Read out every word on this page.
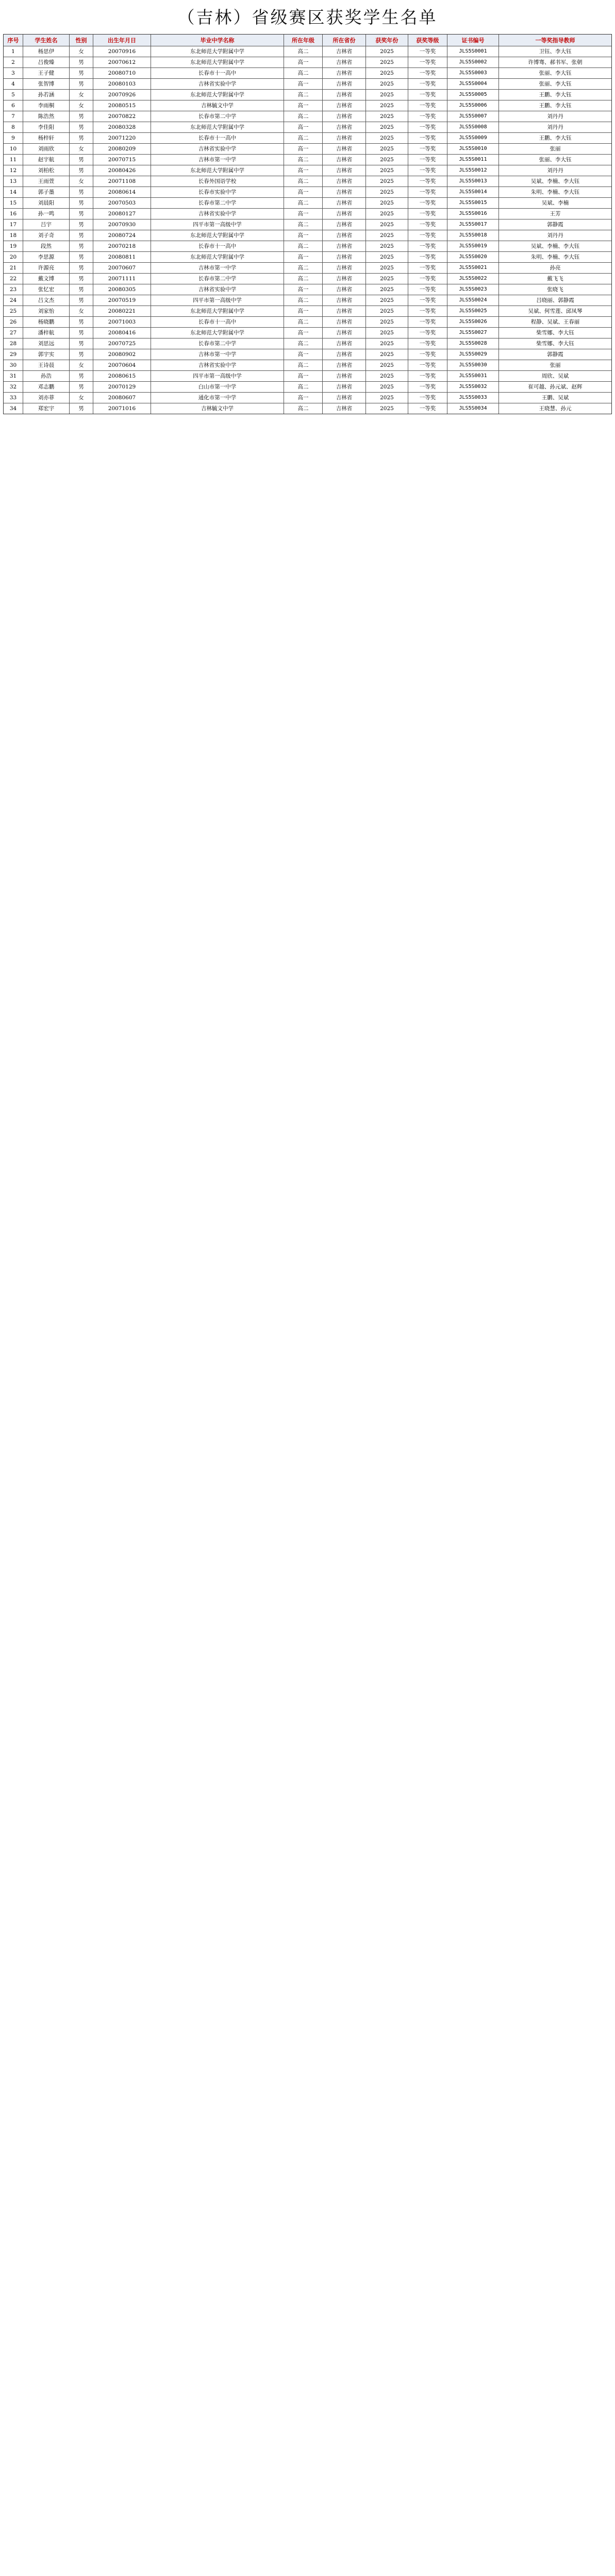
（吉林）省级赛区获奖学生名单
序号	学生姓名	性别	出生年月日	毕业中学名称	所在年级	所在省份	获奖年份	获奖等级	证书编号	一等奖指导教师
1	杨思伊	女	20070916	东北师范大学附属中学	高二	吉林省	2025	一等奖	JLS5S0001	卫钰、李大钰
2	吕俊臻	男	20070612	东北师范大学附属中学	高一	吉林省	2025	一等奖	JLS5S0002	许博骞、郝书军、张朝
3	王子健	男	20080710	长春市十一高中	高二	吉林省	2025	一等奖	JLS5S0003	张丽、李大钰
4	张智博	男	20080103	吉林省实验中学	高一	吉林省	2025	一等奖	JLS5S0004	张丽、李大钰
5	孙若涵	女	20070926	东北师范大学附属中学	高二	吉林省	2025	一等奖	JLS5S0005	王鹏、李大钰
6	李雨桐	女	20080515	吉林毓文中学	高一	吉林省	2025	一等奖	JLS5S0006	王鹏、李大钰
7	陈浩然	男	20070822	长春市第二中学	高二	吉林省	2025	一等奖	JLS5S0007	刘丹丹
8	李佳阳	男	20080328	东北师范大学附属中学	高一	吉林省	2025	一等奖	JLS5S0008	刘丹丹
9	杨梓轩	男	20071220	长春市十一高中	高二	吉林省	2025	一等奖	JLS5S0009	王鹏、李大钰
10	刘雨欣	女	20080209	吉林省实验中学	高一	吉林省	2025	一等奖	JLS5S0010	张丽
11	赵宇航	男	20070715	吉林市第一中学	高二	吉林省	2025	一等奖	JLS5S0011	张丽、李大钰
12	刘柏松	男	20080426	东北师范大学附属中学	高一	吉林省	2025	一等奖	JLS5S0012	刘丹丹
13	王雨萱	女	20071108	长春外国语学校	高二	吉林省	2025	一等奖	JLS5S0013	吴斌、李楠、李大钰
14	郭子墨	男	20080614	长春市实验中学	高一	吉林省	2025	一等奖	JLS5S0014	朱明、李楠、李大钰
15	刘晨阳	男	20070503	长春市第二中学	高二	吉林省	2025	一等奖	JLS5S0015	吴斌、李楠
16	孙一鸣	男	20080127	吉林省实验中学	高一	吉林省	2025	一等奖	JLS5S0016	王芳
17	吕宇	男	20070930	四平市第一高级中学	高二	吉林省	2025	一等奖	JLS5S0017	郭静霞
18	刘子奇	男	20080724	东北师范大学附属中学	高一	吉林省	2025	一等奖	JLS5S0018	刘丹丹
19	段然	男	20070218	长春市十一高中	高二	吉林省	2025	一等奖	JLS5S0019	吴斌、李楠、李大钰
20	李思源	男	20080811	东北师范大学附属中学	高一	吉林省	2025	一等奖	JLS5S0020	朱明、李楠、李大钰
21	许源亮	男	20070607	吉林市第一中学	高二	吉林省	2025	一等奖	JLS5S0021	孙亮
22	戴文博	男	20071111	长春市第二中学	高二	吉林省	2025	一等奖	JLS5S0022	戴飞飞
23	张忆宏	男	20080305	吉林省实验中学	高一	吉林省	2025	一等奖	JLS5S0023	张晓飞
24	吕文杰	男	20070519	四平市第一高级中学	高二	吉林省	2025	一等奖	JLS5S0024	吕晓丽、郭静霞
25	刘家怡	女	20080221	东北师范大学附属中学	高一	吉林省	2025	一等奖	JLS5S0025	吴斌、何雪莲、邱凤琴
26	杨晓鹏	男	20071003	长春市十一高中	高二	吉林省	2025	一等奖	JLS5S0026	程静、吴斌、王春丽
27	潘梓航	男	20080416	东北师范大学附属中学	高一	吉林省	2025	一等奖	JLS5S0027	柴雪娜、李大钰
28	刘思远	男	20070725	长春市第二中学	高二	吉林省	2025	一等奖	JLS5S0028	柴雪娜、李大钰
29	郭宇实	男	20080902	吉林市第一中学	高一	吉林省	2025	一等奖	JLS5S0029	郭静霞
30	王诗晨	女	20070604	吉林省实验中学	高二	吉林省	2025	一等奖	JLS5S0030	张丽
31	孙浩	男	20080615	四平市第一高级中学	高一	吉林省	2025	一等奖	JLS5S0031	周欣、吴斌
32	邓志鹏	男	20070129	白山市第一中学	高二	吉林省	2025	一等奖	JLS5S0032	崔可越、孙元斌、赵辉
33	刘亦菲	女	20080607	通化市第一中学	高一	吉林省	2025	一等奖	JLS5S0033	王鹏、吴斌
34	郑宏宇	男	20071016	吉林毓文中学	高二	吉林省	2025	一等奖	JLS5S0034	王晓慧、孙元
